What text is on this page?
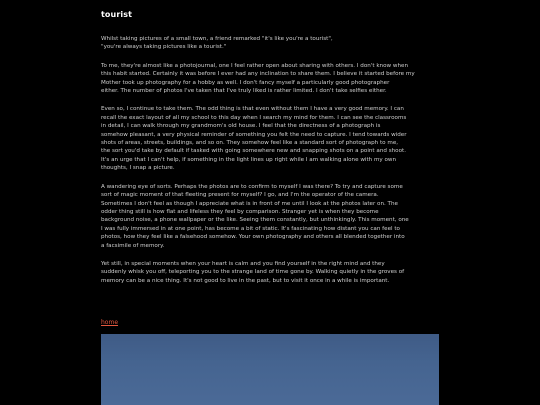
tourist
Whilst taking pictures of a small town, a friend remarked "it's like you're a tourist",
"you're always taking pictures like a tourist."
To me, they're almost like a photojournal, one I feel rather open about sharing with others. I don't know when
this habit started. Certainly it was before I ever had any inclination to share them. I believe it started before my
Mother took up photography for a hobby as well. I don't fancy myself a particularly good photographer
either. The number of photos I've taken that I've truly liked is rather limited. I don't take selfies either.
Even so, I continue to take them. The odd thing is that even without them I have a very good memory. I can
recall the exact layout of all my school to this day when I search my mind for them. I can see the classrooms
in detail, I can walk through my grandmom's old house. I feel that the directness of a photograph is
somehow pleasant, a very physical reminder of something you felt the need to capture. I tend towards wider
shots of areas, streets, buildings, and so on. They somehow feel like a standard sort of photograph to me,
the sort you'd take by default if tasked with going somewhere new and snapping shots on a point and shoot.
It's an urge that I can't help, if something in the light lines up right while I am walking alone with my own
thoughts, I snap a picture.
A wandering eye of sorts. Perhaps the photos are to confirm to myself I was there? To try and capture some
sort of magic moment of that fleeting present for myself? I go, and I'm the operator of the camera.
Sometimes I don't feel as though I appreciate what is in front of me until I look at the photos later on. The
odder thing still is how flat and lifeless they feel by comparison. Stranger yet is when they become
background noise, a phone wallpaper or the like. Seeing them constantly, but unthinkingly. This moment, one
I was fully immersed in at one point, has become a bit of static. It's fascinating how distant you can feel to
photos, how they feel like a falsehood somehow. Your own photography and others all blended together into
a facsimile of memory.
Yet still, in special moments when your heart is calm and you find yourself in the right mind and they
suddenly whisk you off, teleporting you to the strange land of time gone by. Walking quietly in the groves of
memory can be a nice thing. It's not good to live in the past, but to visit it once in a while is important.
home
